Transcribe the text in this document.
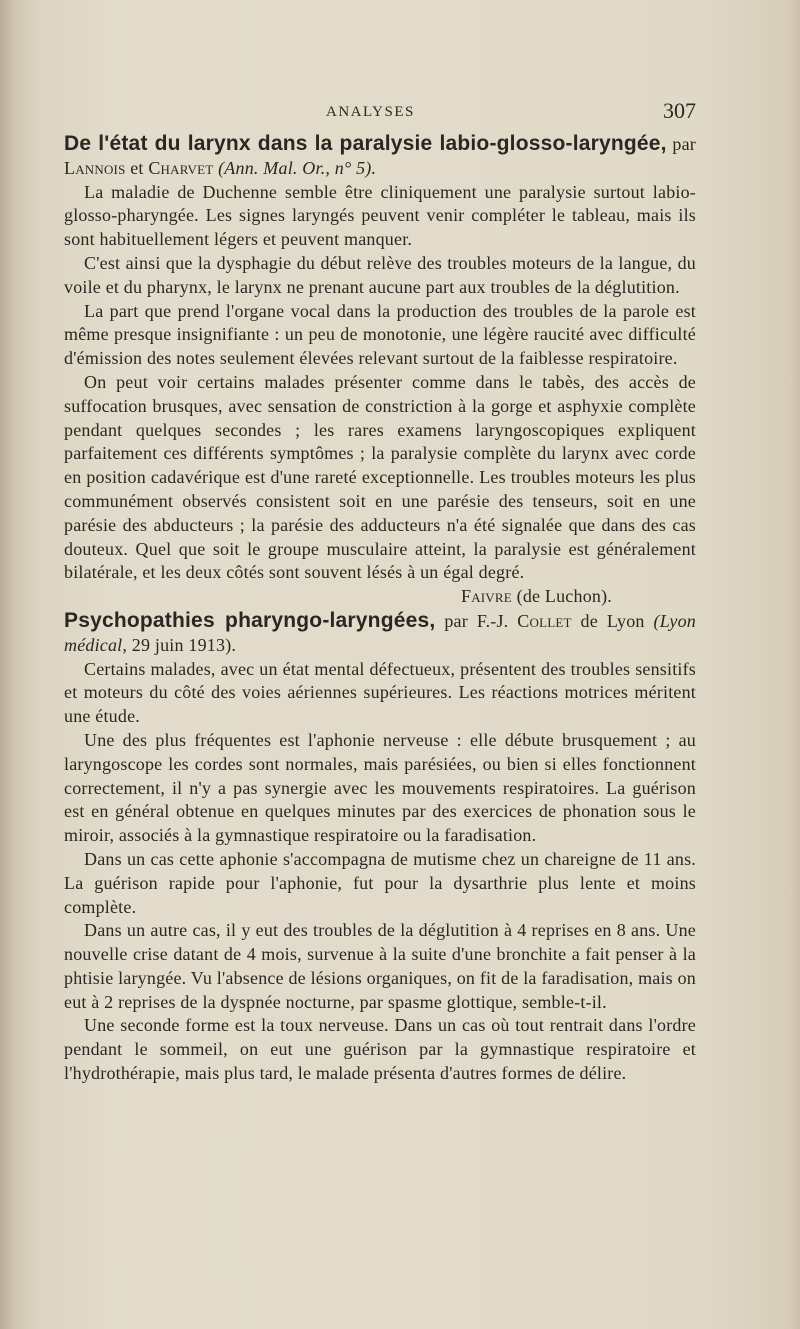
ANALYSES	307

De l'état du larynx dans la paralysie labio-glosso-laryngée, par Lannois et Charvet (Ann. Mal. Or., n° 5).

La maladie de Duchenne semble être cliniquement une paralysie surtout labio-glosso-pharyngée. Les signes laryngés peuvent venir compléter le tableau, mais ils sont habituellement légers et peuvent manquer.

C'est ainsi que la dysphagie du début relève des troubles moteurs de la langue, du voile et du pharynx, le larynx ne prenant aucune part aux troubles de la déglutition.

La part que prend l'organe vocal dans la production des troubles de la parole est même presque insignifiante : un peu de monotonie, une légère raucité avec difficulté d'émission des notes seulement élevées relevant surtout de la faiblesse respiratoire.

On peut voir certains malades présenter comme dans le tabès, des accès de suffocation brusques, avec sensation de constriction à la gorge et asphyxie complète pendant quelques secondes ; les rares examens laryngoscopiques expliquent parfaitement ces différents symptômes ; la paralysie complète du larynx avec corde en position cadavérique est d'une rareté exceptionnelle. Les troubles moteurs les plus communément observés consistent soit en une parésie des tenseurs, soit en une parésie des abducteurs ; la parésie des adducteurs n'a été signalée que dans des cas douteux. Quel que soit le groupe musculaire atteint, la paralysie est généralement bilatérale, et les deux côtés sont souvent lésés à un égal degré.

Faivre (de Luchon).

Psychopathies pharyngo-laryngées, par F.-J. Collet de Lyon (Lyon médical, 29 juin 1913).

Certains malades, avec un état mental défectueux, présentent des troubles sensitifs et moteurs du côté des voies aériennes supérieures. Les réactions motrices méritent une étude.

Une des plus fréquentes est l'aphonie nerveuse : elle débute brusquement ; au laryngoscope les cordes sont normales, mais parésiées, ou bien si elles fonctionnent correctement, il n'y a pas synergie avec les mouvements respiratoires. La guérison est en général obtenue en quelques minutes par des exercices de phonation sous le miroir, associés à la gymnastique respiratoire ou la faradisation.

Dans un cas cette aphonie s'accompagna de mutisme chez un chareigne de 11 ans. La guérison rapide pour l'aphonie, fut pour la dysarthrie plus lente et moins complète.

Dans un autre cas, il y eut des troubles de la déglutition à 4 reprises en 8 ans. Une nouvelle crise datant de 4 mois, survenue à la suite d'une bronchite a fait penser à la phtisie laryngée. Vu l'absence de lésions organiques, on fit de la faradisation, mais on eut à 2 reprises de la dyspnée nocturne, par spasme glottique, semble-t-il.

Une seconde forme est la toux nerveuse. Dans un cas où tout rentrait dans l'ordre pendant le sommeil, on eut une guérison par la gymnastique respiratoire et l'hydrothérapie, mais plus tard, le malade présenta d'autres formes de délire.
